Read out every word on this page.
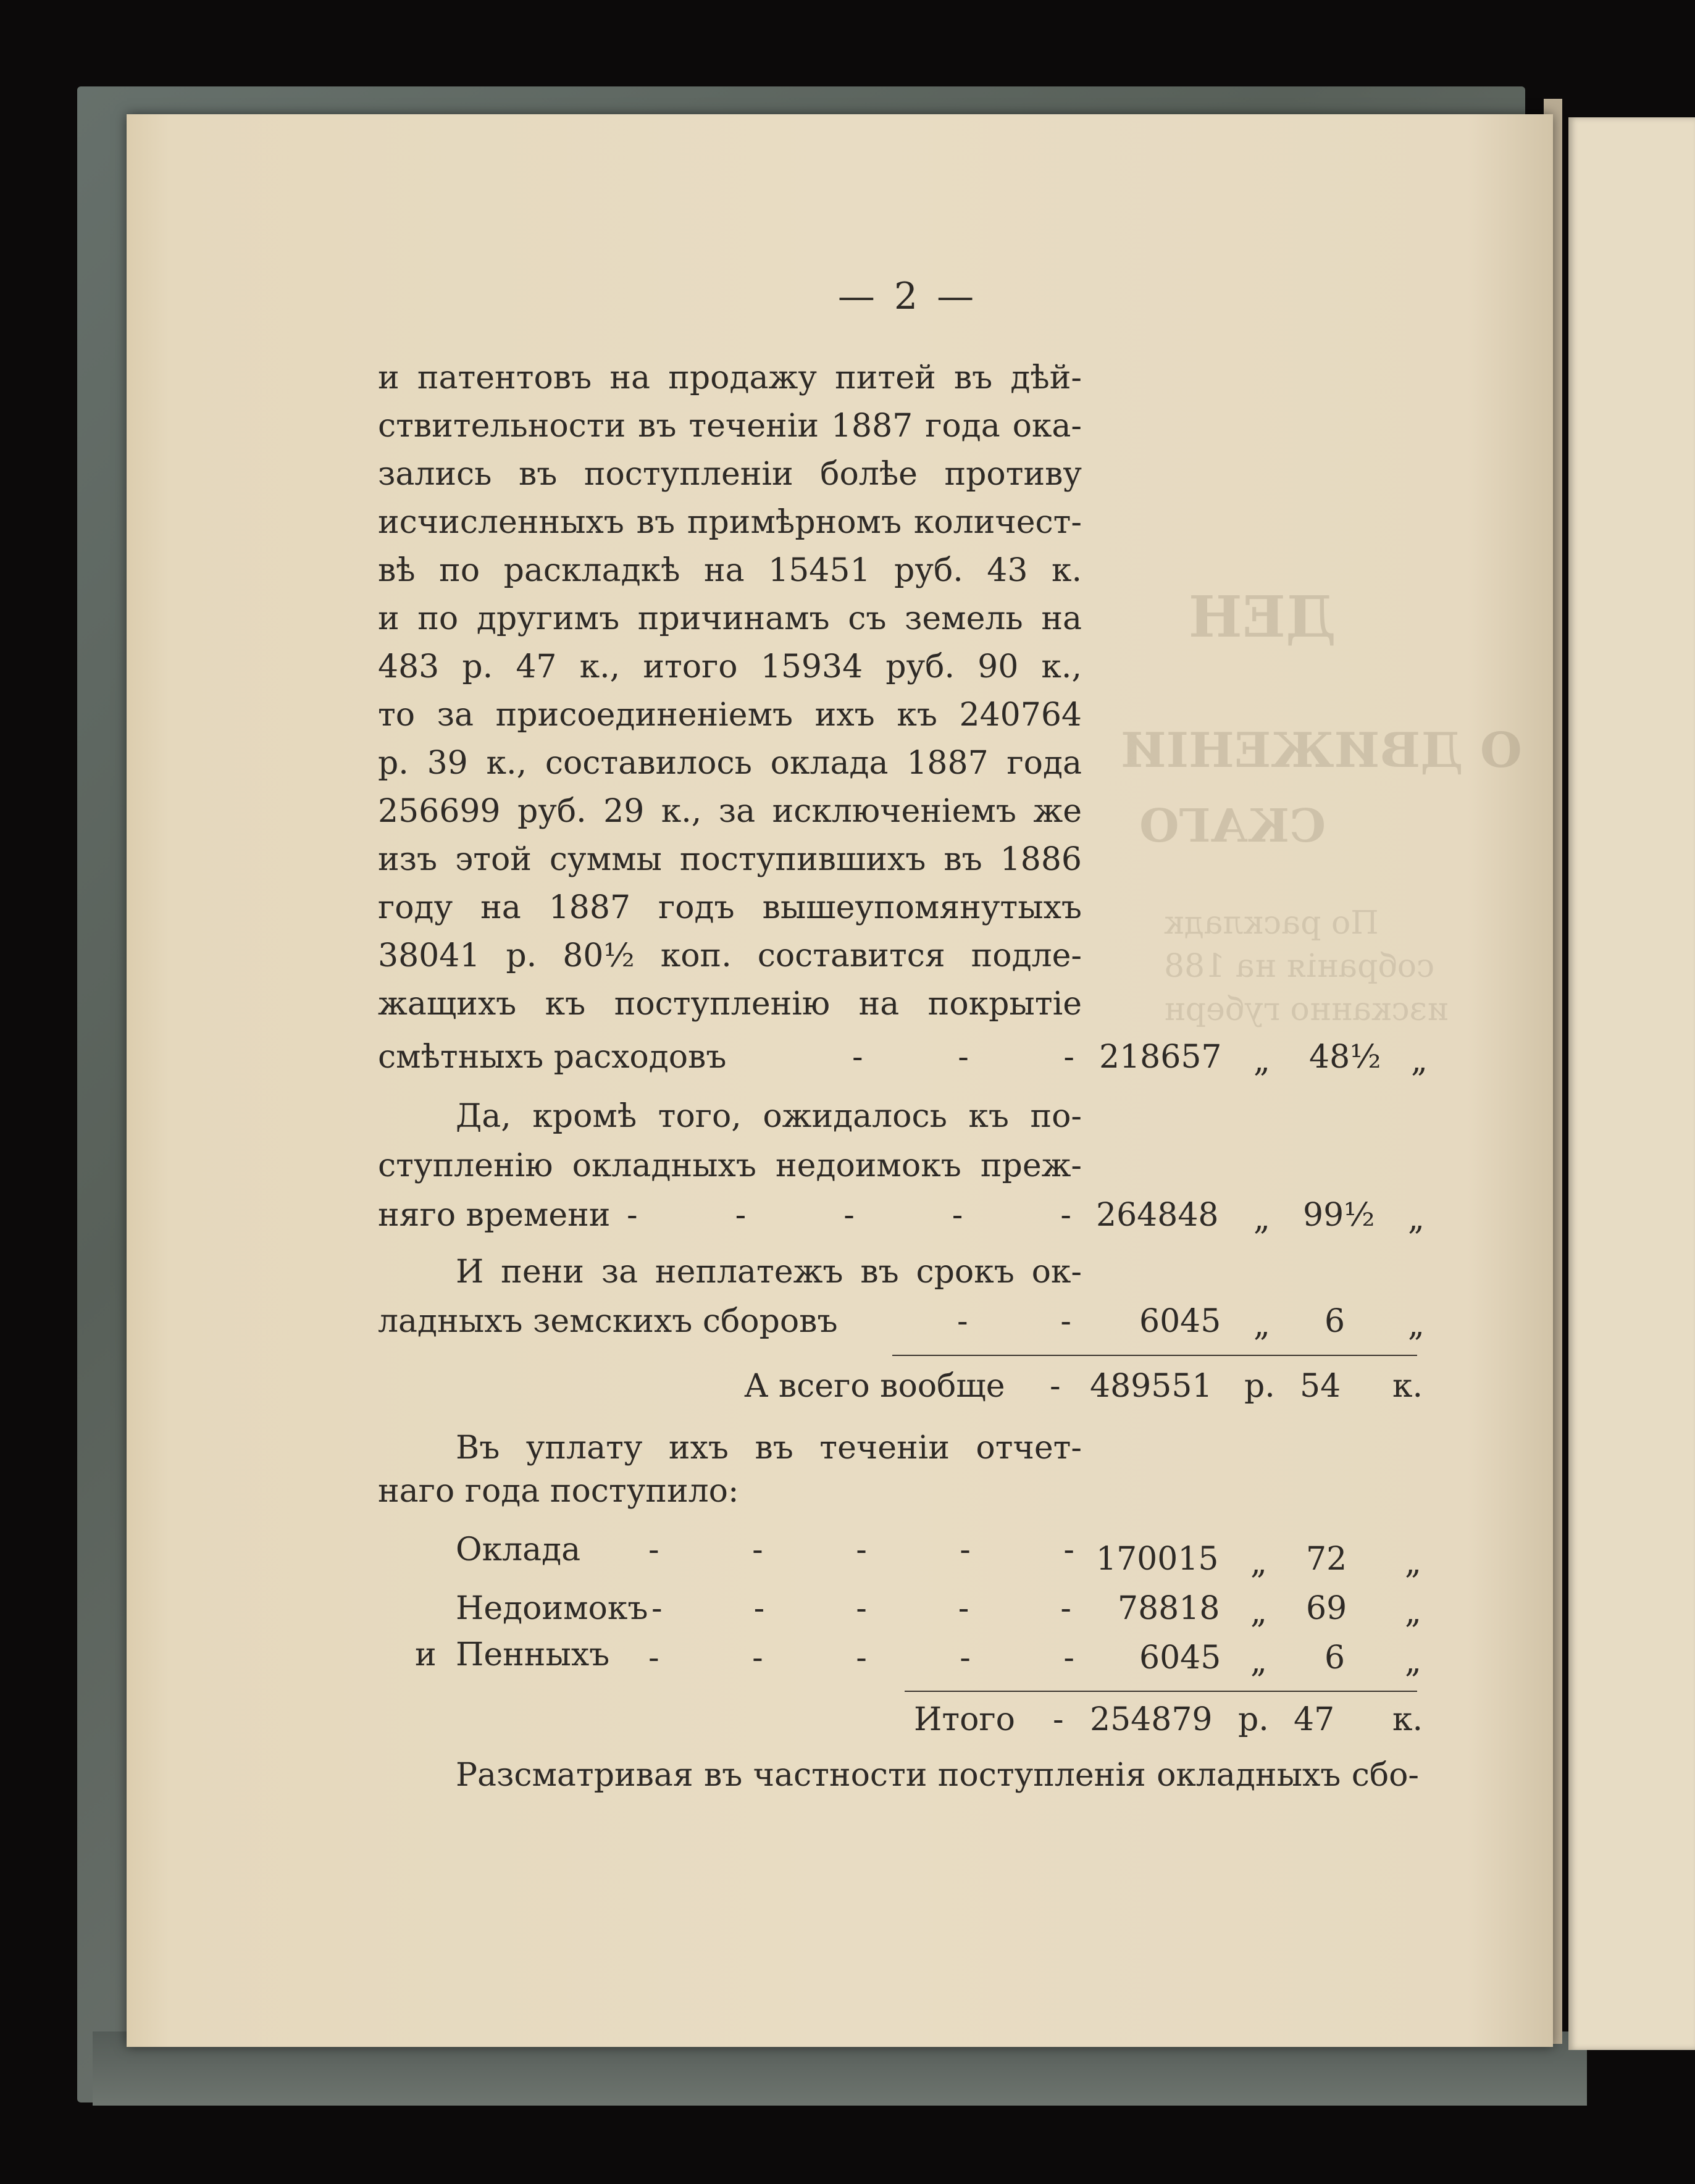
ДЕН
О ДВИЖЕНІИ
СКАГО
По раскладк
собранія на 188
изсканно губерн
— 2 —
и патентовъ на продажу питей въ дѣй-
ствительности въ теченіи 1887 года ока-
зались въ поступленіи болѣе противу
исчисленныхъ въ примѣрномъ количест-
вѣ по раскладкѣ на 15451 руб. 43 к.
и по другимъ причинамъ съ земель на
483 р. 47 к., итого 15934 руб. 90 к.,
то за присоединеніемъ ихъ къ 240764
р. 39 к., составилось оклада 1887 года
256699 руб. 29 к., за исключеніемъ же
изъ этой суммы поступившихъ въ 1886
году на 1887 годъ вышеупомянутыхъ
38041 р. 80½ коп. составится подле-
жащихъ къ поступленію на покрытіе
смѣтныхъ расходовъ	-	-	- 218657 „ 48½ „
Да, кромѣ того, ожидалось къ по-
ступленію окладныхъ недоимокъ преж-
няго времени -	-	-	-	- 264848 „ 99½ „
И пени за неплатежъ въ срокъ ок-
ладныхъ земскихъ сборовъ	-	- 6045 „ 6 „
А всего вообще - 489551 р. 54 к.
Въ уплату ихъ въ теченіи отчет-
наго года поступило:
Оклада -	-	-	-	- 170015 „ 72 „
Недоимокъ -	-	-	-	- 78818 „ 69 „
и Пенныхъ -	-	-	-	- 6045 „ 6 „
Итого - 254879 р. 47 к.
Разсматривая въ частности поступленія окладныхъ сбо-
